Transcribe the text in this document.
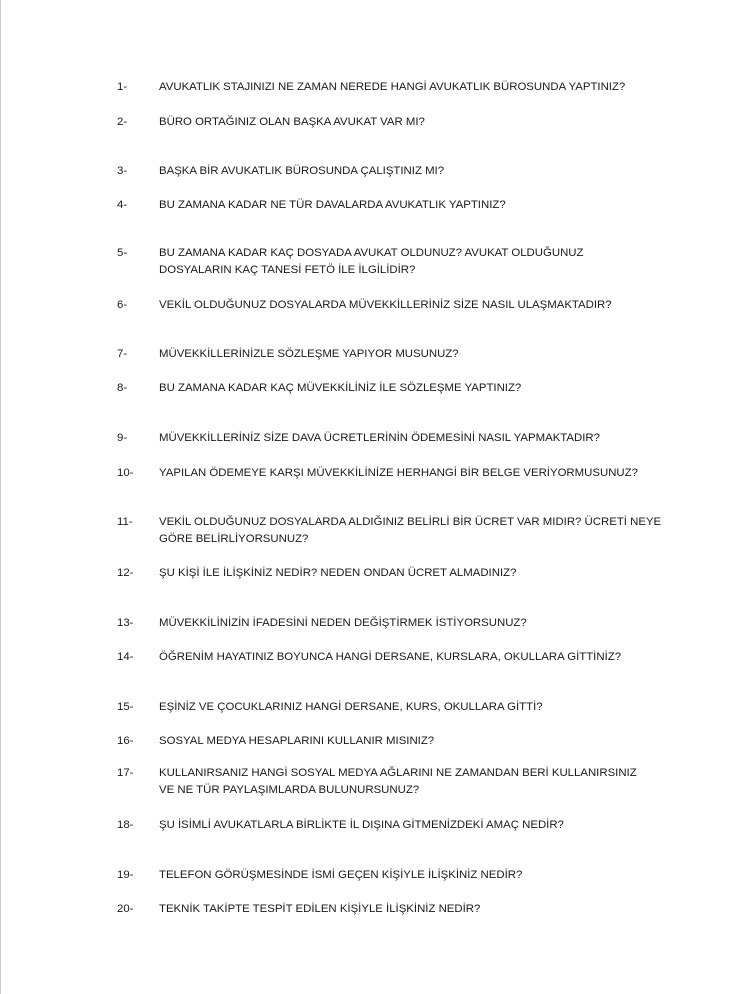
1-	AVUKATLIK STAJINIZI NE ZAMAN NEREDE HANGİ AVUKATLIK BÜROSUNDA YAPTINIZ?
2-	BÜRO ORTAĞINIZ OLAN BAŞKA AVUKAT VAR MI?
3-	BAŞKA BİR AVUKATLIK BÜROSUNDA ÇALIŞTINIZ MI?
4-	BU ZAMANA KADAR NE TÜR DAVALARDA AVUKATLIK YAPTINIZ?
5-	BU ZAMANA KADAR KAÇ DOSYADA AVUKAT OLDUNUZ? AVUKAT OLDUĞUNUZ
DOSYALARIN KAÇ TANESİ FETÖ İLE İLGİLİDİR?
6-	VEKİL OLDUĞUNUZ DOSYALARDA MÜVEKKİLLERİNİZ SİZE NASIL ULAŞMAKTADIR?
7-	MÜVEKKİLLERİNİZLE SÖZLEŞME YAPIYOR MUSUNUZ?
8-	BU ZAMANA KADAR KAÇ MÜVEKKİLİNİZ İLE SÖZLEŞME YAPTINIZ?
9-	MÜVEKKİLLERİNİZ SİZE DAVA ÜCRETLERİNİN ÖDEMESİNİ NASIL YAPMAKTADIR?
10- YAPILAN ÖDEMEYE KARŞI MÜVEKKİLİNİZE HERHANGİ BİR BELGE VERİYORMUSUNUZ?
11- VEKİL OLDUĞUNUZ DOSYALARDA ALDIĞINIZ BELİRLİ BİR ÜCRET VAR MIDIR? ÜCRETİ NEYE
GÖRE BELİRLİYORSUNUZ?
12- ŞU KİŞİ İLE İLİŞKİNİZ NEDİR? NEDEN ONDAN ÜCRET ALMADINIZ?
13- MÜVEKKİLİNİZİN İFADESİNİ NEDEN DEĞİŞTİRMEK İSTİYORSUNUZ?
14- ÖĞRENİM HAYATINIZ BOYUNCA HANGİ DERSANE, KURSLARA, OKULLARA GİTTİNİZ?
15- EŞİNİZ VE ÇOCUKLARINIZ HANGİ DERSANE, KURS, OKULLARA GİTTİ?
16- SOSYAL MEDYA HESAPLARINI KULLANIR MISINIZ?
17- KULLANIRSANIZ HANGİ SOSYAL MEDYA AĞLARINI NE ZAMANDAN BERİ KULLANIRSINIZ
VE NE TÜR PAYLAŞIMLARDA BULUNURSUNUZ?
18- ŞU İSİMLİ AVUKATLARLA BİRLİKTE İL DIŞINA GİTMENİZDEKİ AMAÇ NEDİR?
19- TELEFON GÖRÜŞMESİNDE İSMİ GEÇEN KİŞİYLE İLİŞKİNİZ NEDİR?
20- TEKNİK TAKİPTE TESPİT EDİLEN KİŞİYLE İLİŞKİNİZ NEDİR?
